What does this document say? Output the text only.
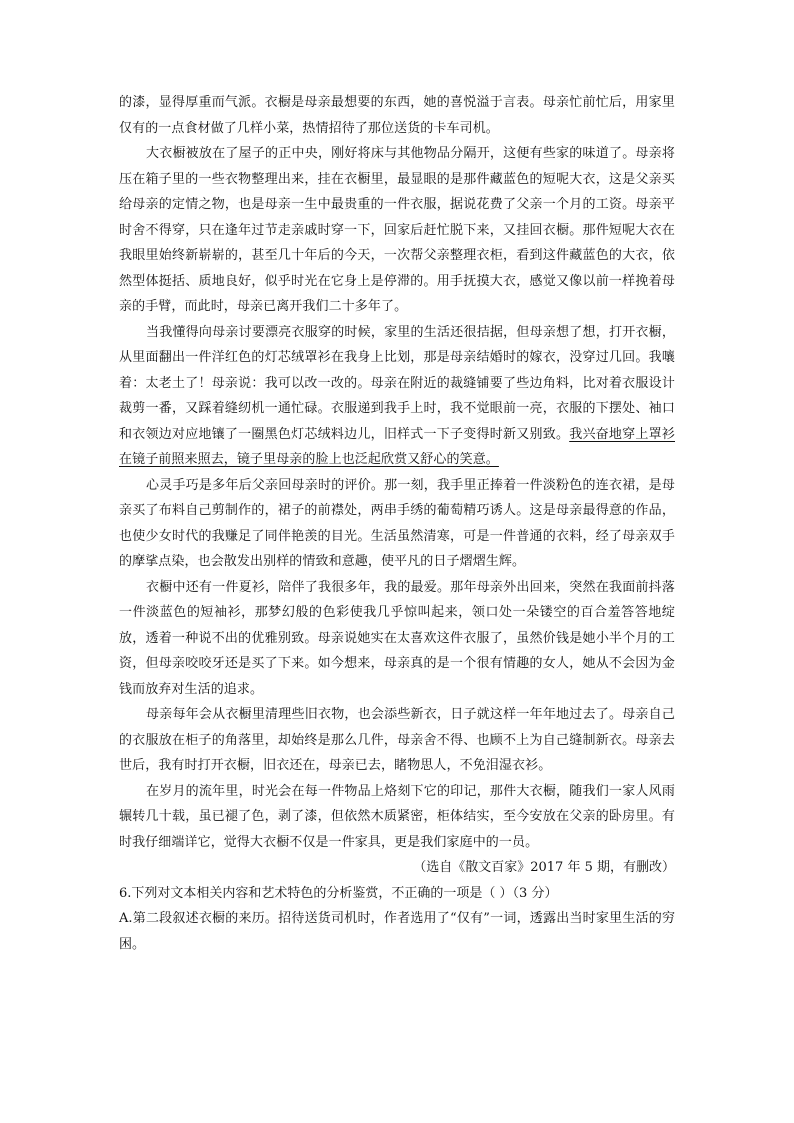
的漆，显得厚重而气派。衣橱是母亲最想要的东西，她的喜悦溢于言表。母亲忙前忙后，用家里仅有的一点食材做了几样小菜，热情招待了那位送货的卡车司机。

大衣橱被放在了屋子的正中央，刚好将床与其他物品分隔开，这便有些家的味道了。母亲将压在箱子里的一些衣物整理出来，挂在衣橱里，最显眼的是那件藏蓝色的短呢大衣，这是父亲买给母亲的定情之物，也是母亲一生中最贵重的一件衣服，据说花费了父亲一个月的工资。母亲平时舍不得穿，只在逢年过节走亲戚时穿一下，回家后赶忙脱下来，又挂回衣橱。那件短呢大衣在我眼里始终新崭崭的，甚至几十年后的今天，一次帮父亲整理衣柜，看到这件藏蓝色的大衣，依然型体挺括、质地良好，似乎时光在它身上是停滞的。用手抚摸大衣，感觉又像以前一样挽着母亲的手臂，而此时，母亲已离开我们二十多年了。

当我懂得向母亲讨要漂亮衣服穿的时候，家里的生活还很拮据，但母亲想了想，打开衣橱，从里面翻出一件洋红色的灯芯绒罩衫在我身上比划，那是母亲结婚时的嫁衣，没穿过几回。我嚷着：太老土了！母亲说：我可以改一改的。母亲在附近的裁缝铺要了些边角料，比对着衣服设计裁剪一番，又踩着缝纫机一通忙碌。衣服递到我手上时，我不觉眼前一亮，衣服的下摆处、袖口和衣领边对应地镶了一圈黑色灯芯绒料边儿，旧样式一下子变得时新又别致。我兴奋地穿上罩衫在镜子前照来照去，镜子里母亲的脸上也泛起欣赏又舒心的笑意。

心灵手巧是多年后父亲回母亲时的评价。那一刻，我手里正捧着一件淡粉色的连衣裙，是母亲买了布料自己剪制作的，裙子的前襟处，两串手绣的葡萄精巧诱人。这是母亲最得意的作品，也使少女时代的我赚足了同伴艳羡的目光。生活虽然清寒，可是一件普通的衣料，经了母亲双手的摩挲点染，也会散发出别样的情致和意趣，使平凡的日子熠熠生辉。

衣橱中还有一件夏衫，陪伴了我很多年，我的最爱。那年母亲外出回来，突然在我面前抖落一件淡蓝色的短袖衫，那梦幻般的色彩使我几乎惊叫起来，领口处一朵镂空的百合羞答答地绽放，透着一种说不出的优雅别致。母亲说她实在太喜欢这件衣服了，虽然价钱是她小半个月的工资，但母亲咬咬牙还是买了下来。如今想来，母亲真的是一个很有情趣的女人，她从不会因为金钱而放弃对生活的追求。

母亲每年会从衣橱里清理些旧衣物，也会添些新衣，日子就这样一年年地过去了。母亲自己的衣服放在柜子的角落里，却始终是那么几件，母亲舍不得、也顾不上为自己缝制新衣。母亲去世后，我有时打开衣橱，旧衣还在，母亲已去，睹物思人，不免泪湿衣衫。

在岁月的流年里，时光会在每一件物品上烙刻下它的印记，那件大衣橱，随我们一家人风雨辗转几十载，虽已褪了色，剥了漆，但依然木质紧密，柜体结实，至今安放在父亲的卧房里。有时我仔细端详它，觉得大衣橱不仅是一件家具，更是我们家庭中的一员。

（选自《散文百家》2017 年 5 期，有删改）

6.下列对文本相关内容和艺术特色的分析鉴赏，不正确的一项是（ ）（3 分）

A.第二段叙述衣橱的来历。招待送货司机时，作者选用了“仅有”一词，透露出当时家里生活的穷困。
